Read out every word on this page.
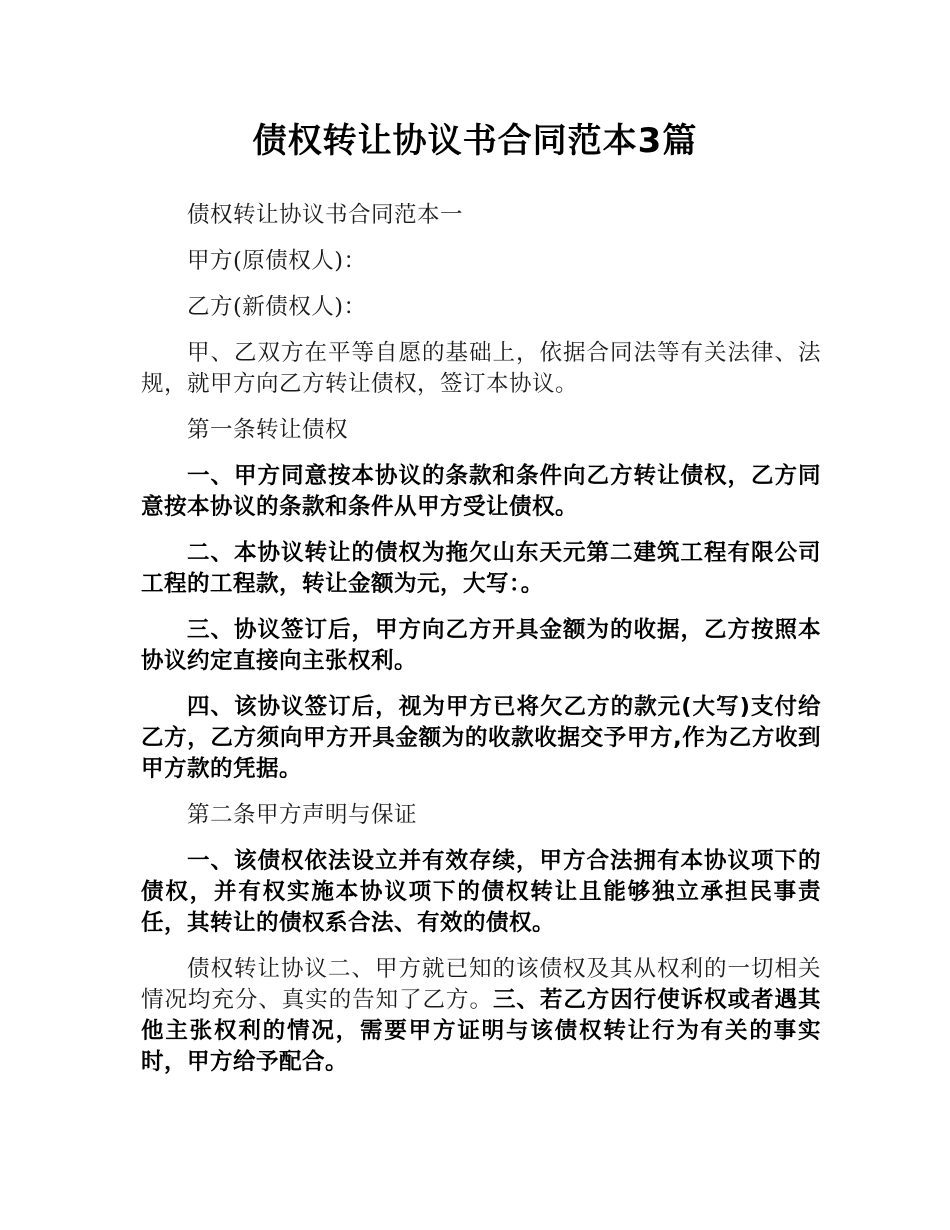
债权转让协议书合同范本3篇

债权转让协议书合同范本一

甲方(原债权人)：

乙方(新债权人)：

甲、乙双方在平等自愿的基础上，依据合同法等有关法律、法规，就甲方向乙方转让债权，签订本协议。

第一条转让债权

一、甲方同意按本协议的条款和条件向乙方转让债权，乙方同意按本协议的条款和条件从甲方受让债权。

二、本协议转让的债权为拖欠山东天元第二建筑工程有限公司工程的工程款，转让金额为元，大写：。

三、协议签订后，甲方向乙方开具金额为的收据，乙方按照本协议约定直接向主张权利。

四、该协议签订后，视为甲方已将欠乙方的款元(大写)支付给乙方，乙方须向甲方开具金额为的收款收据交予甲方,作为乙方收到甲方款的凭据。

第二条甲方声明与保证

一、该债权依法设立并有效存续，甲方合法拥有本协议项下的债权，并有权实施本协议项下的债权转让且能够独立承担民事责任，其转让的债权系合法、有效的债权。

债权转让协议二、甲方就已知的该债权及其从权利的一切相关情况均充分、真实的告知了乙方。三、若乙方因行使诉权或者遇其他主张权利的情况，需要甲方证明与该债权转让行为有关的事实时，甲方给予配合。
